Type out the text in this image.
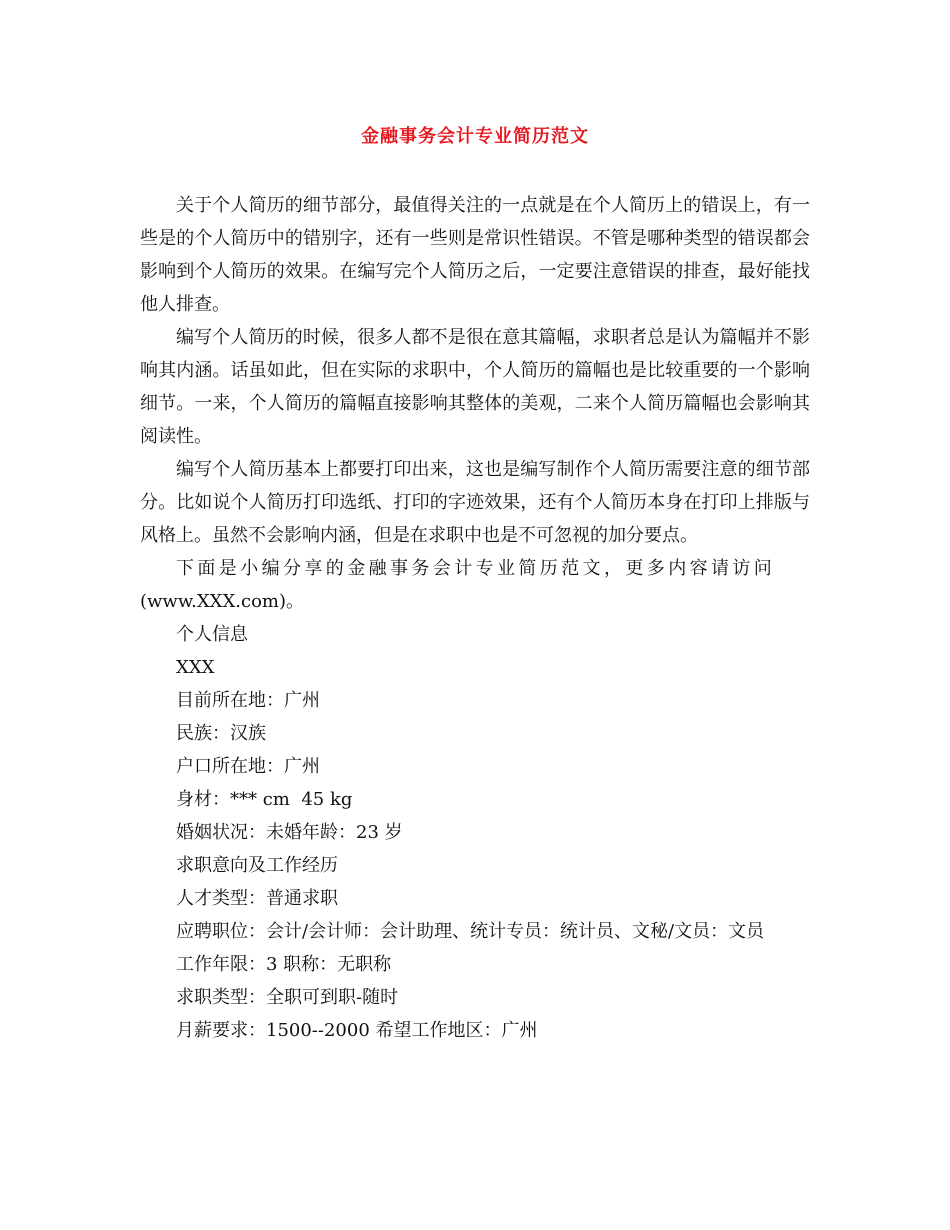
金融事务会计专业简历范文

关于个人简历的细节部分，最值得关注的一点就是在个人简历上的错误上，有一些是的个人简历中的错别字，还有一些则是常识性错误。不管是哪种类型的错误都会影响到个人简历的效果。在编写完个人简历之后，一定要注意错误的排查，最好能找他人排查。

编写个人简历的时候，很多人都不是很在意其篇幅，求职者总是认为篇幅并不影响其内涵。话虽如此，但在实际的求职中，个人简历的篇幅也是比较重要的一个影响细节。一来，个人简历的篇幅直接影响其整体的美观，二来个人简历篇幅也会影响其阅读性。

编写个人简历基本上都要打印出来，这也是编写制作个人简历需要注意的细节部分。比如说个人简历打印选纸、打印的字迹效果，还有个人简历本身在打印上排版与风格上。虽然不会影响内涵，但是在求职中也是不可忽视的加分要点。

下面是小编分享的金融事务会计专业简历范文，更多内容请访问

(www.XXX.com)。

个人信息

XXX

目前所在地：广州

民族：汉族

户口所在地：广州

身材：*** cm  45 kg

婚姻状况：未婚年龄：23 岁

求职意向及工作经历

人才类型：普通求职

应聘职位：会计/会计师：会计助理、统计专员：统计员、文秘/文员：文员

工作年限：3 职称：无职称

求职类型：全职可到职-随时

月薪要求：1500--2000 希望工作地区：广州
